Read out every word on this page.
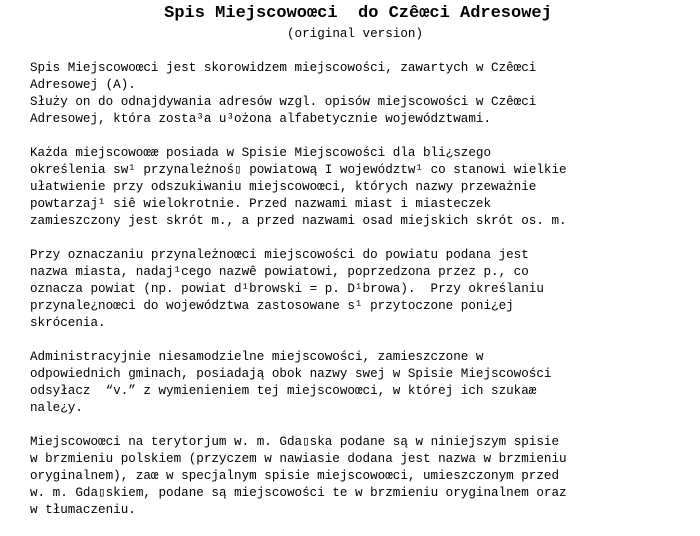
Spis Miejscowoœci  do Czêœci Adresowej
(original version)
Spis Miejscowoœci jest skorowidzem miejscowości, zawartych w Czêœci
Adresowej (A).
Służy on do odnajdywania adresów wzgl. opisów miejscowości w Czêœci
Adresowej, która zosta³a u³ożona alfabetycznie województwami.
Każda miejscowoœæ posiada w Spisie Miejscowości dla bli¿szego
określenia sw¹ przynależnoś▯ powiatową I województw¹ co stanowi wielkie
ułatwienie przy odszukiwaniu miejscowoœci, których nazwy przeważnie
powtarzaj¹ siê wielokrotnie. Przed nazwami miast i miasteczek
zamieszczony jest skrót m., a przed nazwami osad miejskich skrót os. m.
Przy oznaczaniu przynależnoœci miejscowości do powiatu podana jest
nazwa miasta, nadaj¹cego nazwê powiatowi, poprzedzona przez p., co
oznacza powiat (np. powiat d¹browski = p. D¹browa).  Przy określaniu
przynale¿noœci do województwa zastosowane s¹ przytoczone poni¿ej
skrócenia.
Administracyjnie niesamodzielne miejscowości, zamieszczone w
odpowiednich gminach, posiadają obok nazwy swej w Spisie Miejscowości
odsyłacz  “v.” z wymienieniem tej miejscowoœci, w której ich szukaæ
nale¿y.
Miejscowoœci na terytorjum w. m. Gda▯ska podane są w niniejszym spisie
w brzmieniu polskiem (przyczem w nawiasie dodana jest nazwa w brzmieniu
oryginalnem), zaœ w specjalnym spisie miejscowoœci, umieszczonym przed
w. m. Gda▯skiem, podane są miejscowości te w brzmieniu oryginalnem oraz
w tłumaczeniu.
